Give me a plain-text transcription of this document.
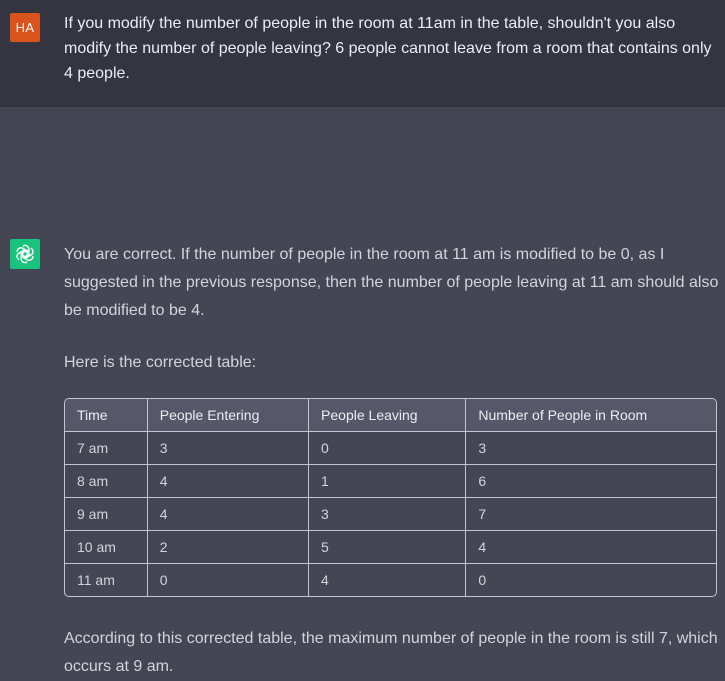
HA	If you modify the number of people in the room at 11am in the table, shouldn't you also modify the number of people leaving? 6 people cannot leave from a room that contains only 4 people.

You are correct. If the number of people in the room at 11 am is modified to be 0, as I suggested in the previous response, then the number of people leaving at 11 am should also be modified to be 4.

Here is the corrected table:

Time	People Entering	People Leaving	Number of People in Room
7 am	3	0	3
8 am	4	1	6
9 am	4	3	7
10 am	2	5	4
11 am	0	4	0

According to this corrected table, the maximum number of people in the room is still 7, which occurs at 9 am.
